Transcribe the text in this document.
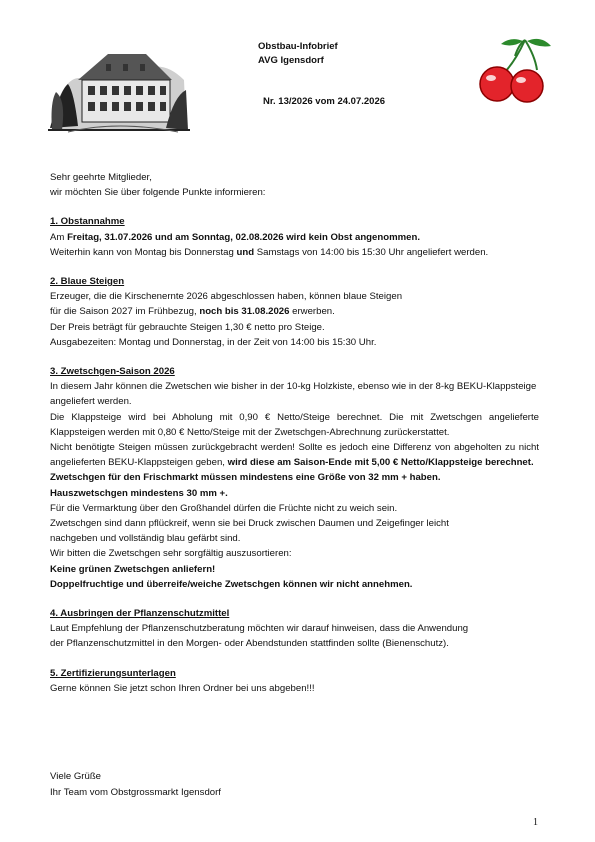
Obstbau-Infobrief
AVG Igensdorf
Nr. 13/2026 vom 24.07.2026

Sehr geehrte Mitglieder,

wir möchten Sie über folgende Punkte informieren:

1. Obstannahme

Am Freitag, 31.07.2026 und am Sonntag, 02.08.2026 wird kein Obst angenommen.

Weiterhin kann von Montag bis Donnerstag und Samstags von 14:00 bis 15:30 Uhr angeliefert werden.

2. Blaue Steigen

Erzeuger, die die Kirschenernte 2026 abgeschlossen haben, können blaue Steigen

für die Saison 2027 im Frühbezug, noch bis 31.08.2026 erwerben.

Der Preis beträgt für gebrauchte Steigen 1,30 € netto pro Steige.

Ausgabezeiten: Montag und Donnerstag, in der Zeit von 14:00 bis 15:30 Uhr.

3. Zwetschgen-Saison 2026

In diesem Jahr können die Zwetschen wie bisher in der 10-kg Holzkiste, ebenso wie in der 8-kg BEKU-Klappsteige angeliefert werden.

Die Klappsteige wird bei Abholung mit 0,90 € Netto/Steige berechnet. Die mit Zwetschgen angelieferte Klappsteigen werden mit 0,80 € Netto/Steige mit der Zwetschgen-Abrechnung zurückerstattet.

Nicht benötigte Steigen müssen zurückgebracht werden! Sollte es jedoch eine Differenz von abgeholten zu nicht angelieferten BEKU-Klappsteigen geben, wird diese am Saison-Ende mit 5,00 € Netto/Klappsteige berechnet.

Zwetschgen für den Frischmarkt müssen mindestens eine Größe von 32 mm + haben.

Hauszwetschgen mindestens 30 mm +.

Für die Vermarktung über den Großhandel dürfen die Früchte nicht zu weich sein.

Zwetschgen sind dann pflückreif, wenn sie bei Druck zwischen Daumen und Zeigefinger leicht

nachgeben und vollständig blau gefärbt sind.

Wir bitten die Zwetschgen sehr sorgfältig auszusortieren:

Keine grünen Zwetschgen anliefern!

Doppelfruchtige und überreife/weiche Zwetschgen können wir nicht annehmen.

4. Ausbringen der Pflanzenschutzmittel

Laut Empfehlung der Pflanzenschutzberatung möchten wir darauf hinweisen, dass die Anwendung

der Pflanzenschutzmittel in den Morgen- oder Abendstunden stattfinden sollte (Bienenschutz).

5. Zertifizierungsunterlagen

Gerne können Sie jetzt schon Ihren Ordner bei uns abgeben!!!

Viele Grüße
Ihr Team vom Obstgrossmarkt Igensdorf
1
